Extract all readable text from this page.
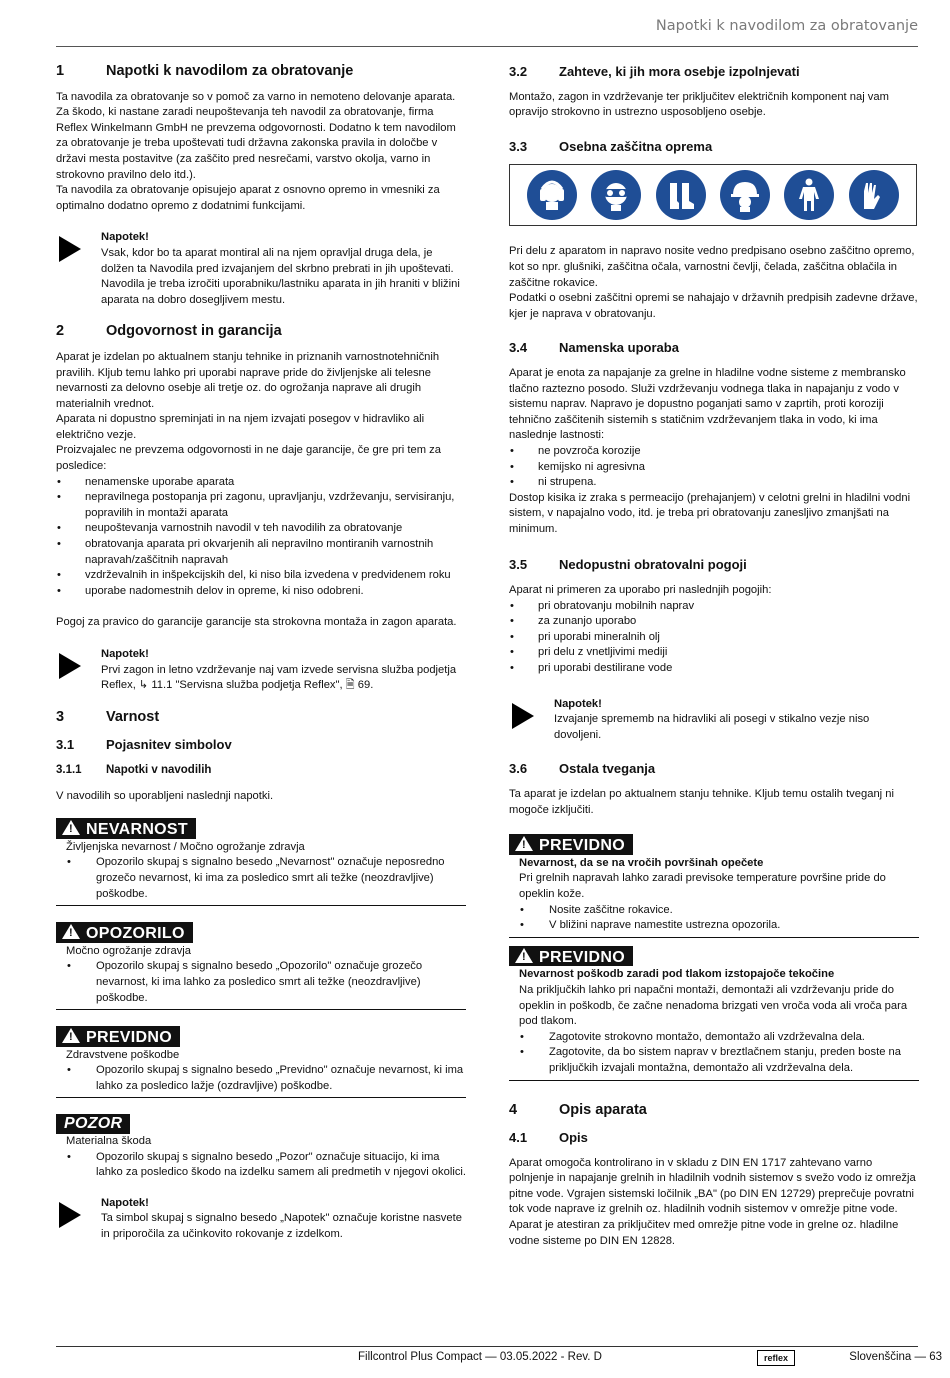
Napotki k navodilom za obratovanje
1	Napotki k navodilom za obratovanje

Ta navodila za obratovanje so v pomoč za varno in nemoteno delovanje aparata.

Za škodo, ki nastane zaradi neupoštevanja teh navodil za obratovanje, firma Reflex Winkelmann GmbH ne prevzema odgovornosti. Dodatno k tem navodilom za obratovanje je treba upoštevati tudi državna zakonska pravila in določbe v državi mesta postavitve (za zaščito pred nesrečami, varstvo okolja, varno in strokovno pravilno delo itd.).

Ta navodila za obratovanje opisujejo aparat z osnovno opremo in vmesniki za optimalno dodatno opremo z dodatnimi funkcijami.

Napotek!
Vsak, kdor bo ta aparat montiral ali na njem opravljal druga dela, je dolžen ta Navodila pred izvajanjem del skrbno prebrati in jih upoštevati. Navodila je treba izročiti uporabniku/lastniku aparata in jih hraniti v bližini aparata na dobro dosegljivem mestu.
2	Odgovornost in garancija

Aparat je izdelan po aktualnem stanju tehnike in priznanih varnostnotehničnih pravilih. Kljub temu lahko pri uporabi naprave pride do življenjske ali telesne nevarnosti za delovno osebje ali tretje oz. do ogrožanja naprave ali drugih materialnih vrednot.

Aparata ni dopustno spreminjati in na njem izvajati posegov v hidravliko ali električno vezje.

Proizvajalec ne prevzema odgovornosti in ne daje garancije, če gre pri tem za posledice:

• nenamenske uporabe aparata
• nepravilnega postopanja pri zagonu, upravljanju, vzdrževanju, servisiranju, popravilih in montaži aparata
• neupoštevanja varnostnih navodil v teh navodilih za obratovanje
• obratovanja aparata pri okvarjenih ali nepravilno montiranih varnostnih napravah/zaščitnih napravah
• vzdrževalnih in inšpekcijskih del, ki niso bila izvedena v predvidenem roku
• uporabe nadomestnih delov in opreme, ki niso odobreni.

Pogoj za pravico do garancije garancije sta strokovna montaža in zagon aparata.

Napotek!
Prvi zagon in letno vzdrževanje naj vam izvede servisna služba podjetja Reflex, ↳ 11.1 "Servisna služba podjetja Reflex", 🗎 69.
3	Varnost
3.1	Pojasnitev simbolov
3.1.1	Napotki v navodilih

V navodilih so uporabljeni naslednji napotki.

!NEVARNOST

Življenjska nevarnost / Močno ogrožanje zdravja

• Opozorilo skupaj s signalno besedo „Nevarnost" označuje neposredno grozečo nevarnost, ki ima za posledico smrt ali težke (neozdravljive) poškodbe.
!OPOZORILO

Močno ogrožanje zdravja

• Opozorilo skupaj s signalno besedo „Opozorilo" označuje grozečo nevarnost, ki ima lahko za posledico smrt ali težke (neozdravljive) poškodbe.
!PREVIDNO

Zdravstvene poškodbe

• Opozorilo skupaj s signalno besedo „Previdno" označuje nevarnost, ki ima lahko za posledico lažje (ozdravljive) poškodbe.
POZOR

Materialna škoda

• Opozorilo skupaj s signalno besedo „Pozor" označuje situacijo, ki ima lahko za posledico škodo na izdelku samem ali predmetih v njegovi okolici.
Napotek!
Ta simbol skupaj s signalno besedo „Napotek" označuje koristne nasvete in priporočila za učinkovito rokovanje z izdelkom.
3.2	Zahteve, ki jih mora osebje izpolnjevati

Montažo, zagon in vzdrževanje ter priključitev električnih komponent naj vam opravijo strokovno in ustrezno usposobljeno osebje.

3.3	Osebna zaščitna oprema

Pri delu z aparatom in napravo nosite vedno predpisano osebno zaščitno opremo, kot so npr. glušniki, zaščitna očala, varnostni čevlji, čelada, zaščitna oblačila in zaščitne rokavice.

Podatki o osebni zaščitni opremi se nahajajo v državnih predpisih zadevne države, kjer je naprava v obratovanju.

3.4	Namenska uporaba

Aparat je enota za napajanje za grelne in hladilne vodne sisteme z membransko tlačno raztezno posodo. Služi vzdrževanju vodnega tlaka in napajanju z vodo v sistemu naprav. Napravo je dopustno poganjati samo v zaprtih, proti koroziji tehnično zaščitenih sistemih s statičnim vzdrževanjem tlaka in vodo, ki ima naslednje lastnosti:

• ne povzroča korozije
• kemijsko ni agresivna
• ni strupena.

Dostop kisika iz zraka s permeacijo (prehajanjem) v celotni grelni in hladilni vodni sistem, v napajalno vodo, itd. je treba pri obratovanju zanesljivo zmanjšati na minimum.

3.5	Nedopustni obratovalni pogoji

Aparat ni primeren za uporabo pri naslednjih pogojih:

• pri obratovanju mobilnih naprav
• za zunanjo uporabo
• pri uporabi mineralnih olj
• pri delu z vnetljivimi mediji
• pri uporabi destilirane vode
Napotek!
Izvajanje sprememb na hidravliki ali posegi v stikalno vezje niso dovoljeni.
3.6	Ostala tveganja

Ta aparat je izdelan po aktualnem stanju tehnike. Kljub temu ostalih tveganj ni mogoče izključiti.

!PREVIDNO

Nevarnost, da se na vročih površinah opečete

Pri grelnih napravah lahko zaradi previsoke temperature površine pride do opeklin kože.

• Nosite zaščitne rokavice.
• V bližini naprave namestite ustrezna opozorila.
!PREVIDNO

Nevarnost poškodb zaradi pod tlakom izstopajoče tekočine

Na priključkih lahko pri napačni montaži, demontaži ali vzdrževanju pride do opeklin in poškodb, če začne nenadoma brizgati ven vroča voda ali vroča para pod tlakom.

• Zagotovite strokovno montažo, demontažo ali vzdrževalna dela.
• Zagotovite, da bo sistem naprav v breztlačnem stanju, preden boste na priključkih izvajali montažna, demontažo ali vzdrževalna dela.
4	Opis aparata
4.1	Opis

Aparat omogoča kontrolirano in v skladu z DIN EN 1717 zahtevano varno polnjenje in napajanje grelnih in hladilnih vodnih sistemov s svežo vodo iz omrežja pitne vode. Vgrajen sistemski ločilnik „BA" (po DIN EN 12729) preprečuje povratni tok vode naprave iz grelnih oz. hladilnih vodnih sistemov v omrežje pitne vode. Aparat je atestiran za priključitev med omrežje pitne vode in grelne oz. hladilne vodne sisteme po DIN EN 12828.

Fillcontrol Plus Compact — 03.05.2022 - Rev. D	reflex	Slovenščina — 63
